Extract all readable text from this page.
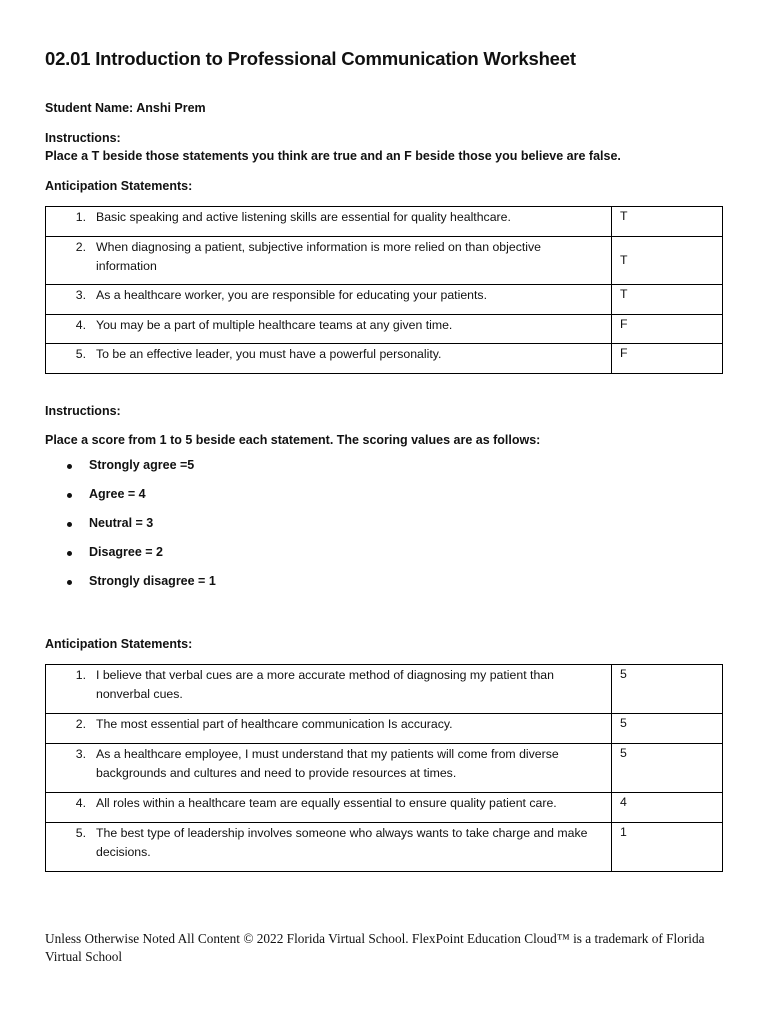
02.01 Introduction to Professional Communication Worksheet
Student Name: Anshi Prem
Instructions:
Place a T beside those statements you think are true and an F beside those you believe are false.
Anticipation Statements:
1. Basic speaking and active listening skills are essential for quality healthcare.	T

2. When diagnosing a patient, subjective information is more relied on than objective information	T

3. As a healthcare worker, you are responsible for educating your patients.	T

4. You may be a part of multiple healthcare teams at any given time.	F

5. To be an effective leader, you must have a powerful personality.	F
Instructions:
Place a score from 1 to 5 beside each statement. The scoring values are as follows:
Strongly agree =5
Agree = 4
Neutral = 3
Disagree = 2
Strongly disagree = 1
Anticipation Statements:
1. I believe that verbal cues are a more accurate method of diagnosing my patient than nonverbal cues.	5

2. The most essential part of healthcare communication Is accuracy.	5

3. As a healthcare employee, I must understand that my patients will come from diverse backgrounds and cultures and need to provide resources at times.	5

4. All roles within a healthcare team are equally essential to ensure quality patient care.	4

5. The best type of leadership involves someone who always wants to take charge and make decisions.	1
Unless Otherwise Noted All Content © 2022 Florida Virtual School. FlexPoint Education Cloud™ is a trademark of Florida Virtual School
